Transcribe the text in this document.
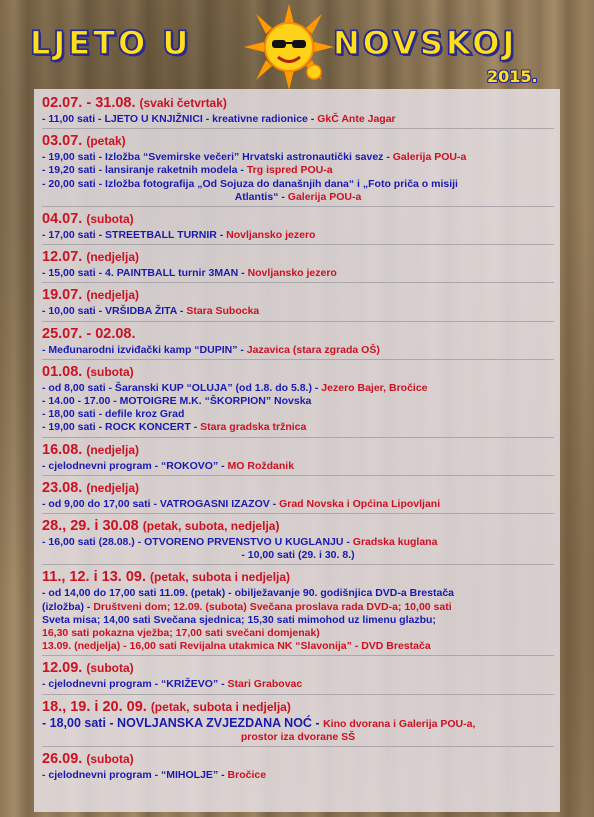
LJETO U	NOVSKOJ
2015.
02.07. - 31.08. (svaki četvrtak)
- 11,00 sati - LJETO U KNJIŽNICI - kreativne radionice - GkČ Ante Jagar
03.07. (petak)
- 19,00 sati - Izložba “Svemirske večeri” Hrvatski astronautički savez - Galerija POU-a
- 19,20 sati - lansiranje raketnih modela - Trg ispred POU-a
- 20,00 sati - Izložba fotografija „Od Sojuza do današnjih dana“ i „Foto priča o misiji
Atlantis“ - Galerija POU-a
04.07. (subota)
- 17,00 sati - STREETBALL TURNIR - Novljansko jezero
12.07. (nedjelja)
- 15,00 sati - 4. PAINTBALL turnir 3MAN - Novljansko jezero
19.07. (nedjelja)
- 10,00 sati - VRŠIDBA ŽITA - Stara Subocka
25.07. - 02.08.
- Međunarodni izviđački kamp “DUPIN” - Jazavica (stara zgrada OŠ)
01.08. (subota)
- od 8,00 sati - Šaranski KUP “OLUJA” (od 1.8. do 5.8.) - Jezero Bajer, Bročice
- 14.00 - 17.00 - MOTOIGRE M.K. “ŠKORPION” Novska
- 18,00 sati - defile kroz Grad
- 19,00 sati - ROCK KONCERT - Stara gradska tržnica
16.08. (nedjelja)
- cjelodnevni program - “ROKOVO” - MO Roždanik
23.08. (nedjelja)
- od 9,00 do 17,00 sati - VATROGASNI IZAZOV - Grad Novska i Općina Lipovljani
28., 29. i 30.08 (petak, subota, nedjelja)
- 16,00 sati (28.08.) - OTVORENO PRVENSTVO U KUGLANJU - Gradska kuglana
- 10,00 sati (29. i 30. 8.)
11., 12. i 13. 09. (petak, subota i nedjelja)
- od 14,00 do 17,00 sati 11.09. (petak) - obilježavanje 90. godišnjica DVD-a Brestača
(izložba) - Društveni dom; 12.09. (subota) Svečana proslava rada DVD-a; 10,00 sati
Sveta misa; 14,00 sati Svečana sjednica; 15,30 sati mimohod uz limenu glazbu;
16,30 sati pokazna vježba; 17,00 sati svečani domjenak)
13.09. (nedjelja) - 16,00 sati Revijalna utakmica NK “Slavonija” - DVD Brestača
12.09. (subota)
- cjelodnevni program - “KRIŽEVO” - Stari Grabovac
18., 19. i 20. 09. (petak, subota i nedjelja)
- 18,00 sati - NOVLJANSKA ZVJEZDANA NOĆ - Kino dvorana i Galerija POU-a,
prostor iza dvorane SŠ
26.09. (subota)
- cjelodnevni program - “MIHOLJE” - Bročice
